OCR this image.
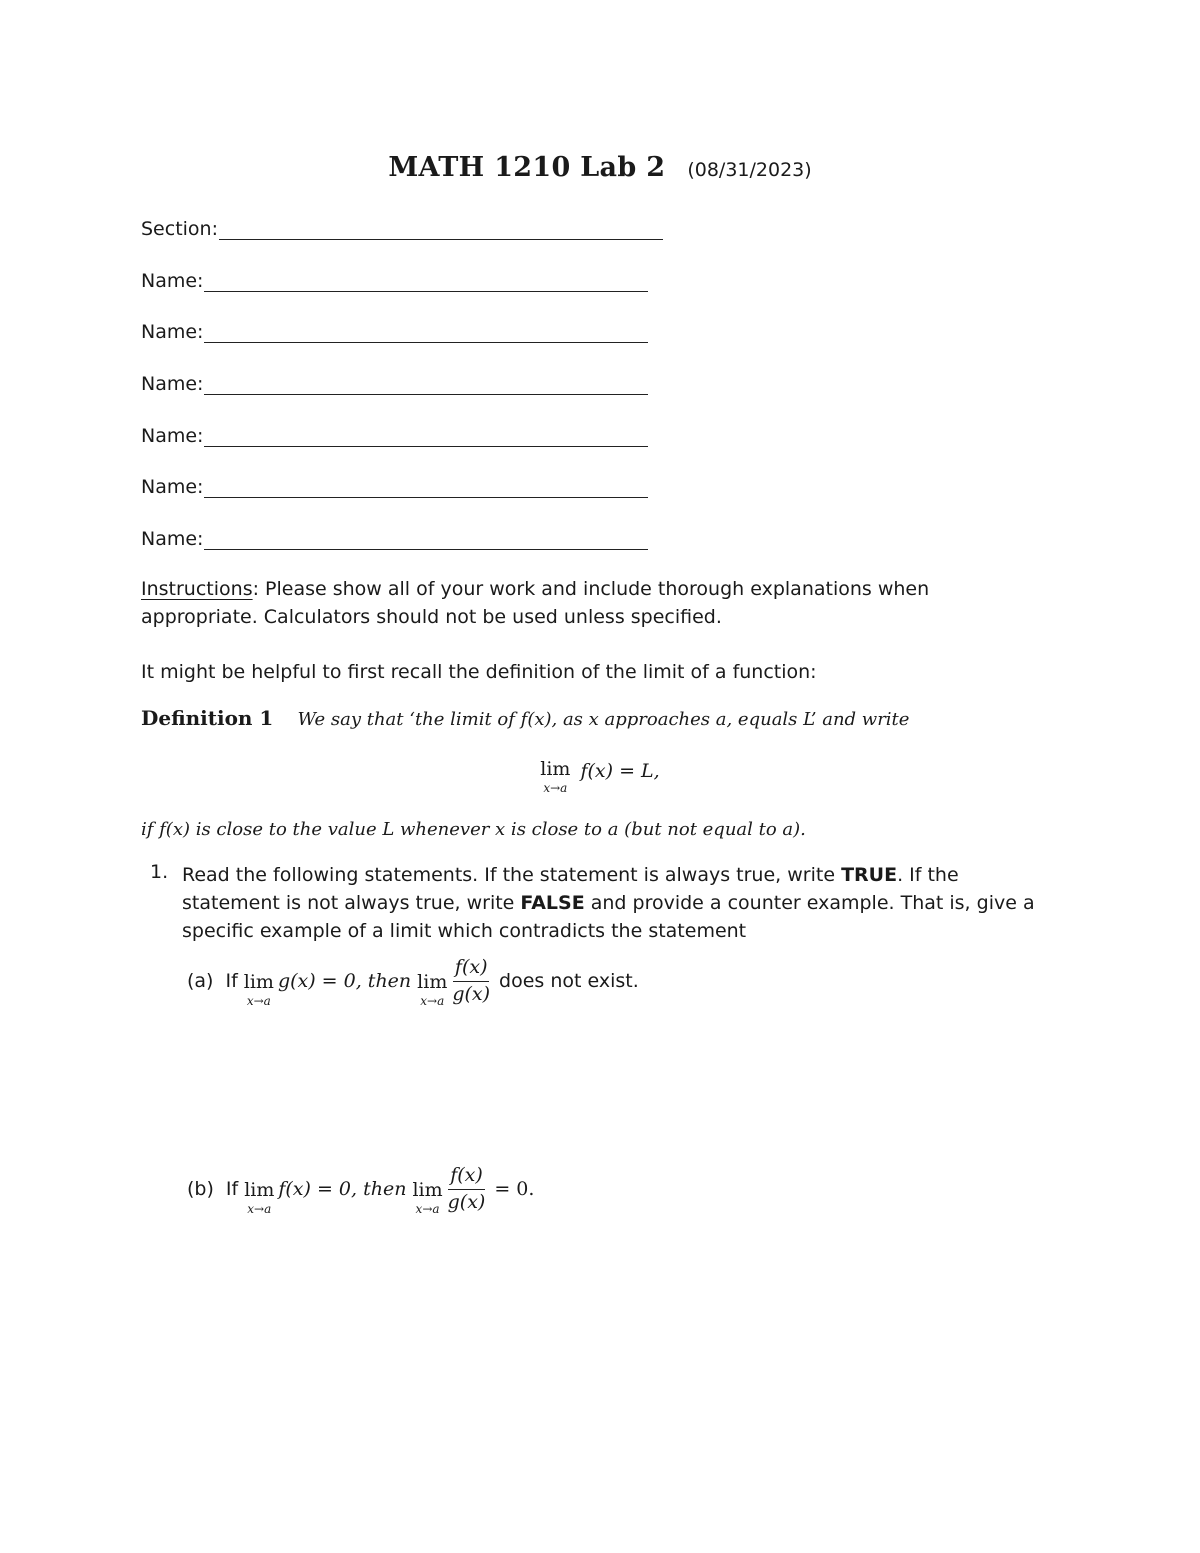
MATH 1210 Lab 2 (08/31/2023)
Section:
Name:
Name:
Name:
Name:
Name:
Name:
Instructions: Please show all of your work and include thorough explanations when appropriate. Calculators should not be used unless specified.
It might be helpful to first recall the definition of the limit of a function:
Definition 1 We say that ‘the limit of f(x), as x approaches a, equals L’ and write
lim
x→a
f(x) = L,
if f(x) is close to the value L whenever x is close to a (but not equal to a).
1. Read the following statements. If the statement is always true, write TRUE. If the statement is not always true, write FALSE and provide a counter example. That is, give a specific example of a limit which contradicts the statement
(a) If lim
x→a
g(x) = 0, then lim
$x\to a \frac{f(x)}{g(x)}$ does not exist.
(b) If lim
x→a
f(x) = 0, then lim
$x\to a \frac{f(x)}{g(x)} = 0$.
